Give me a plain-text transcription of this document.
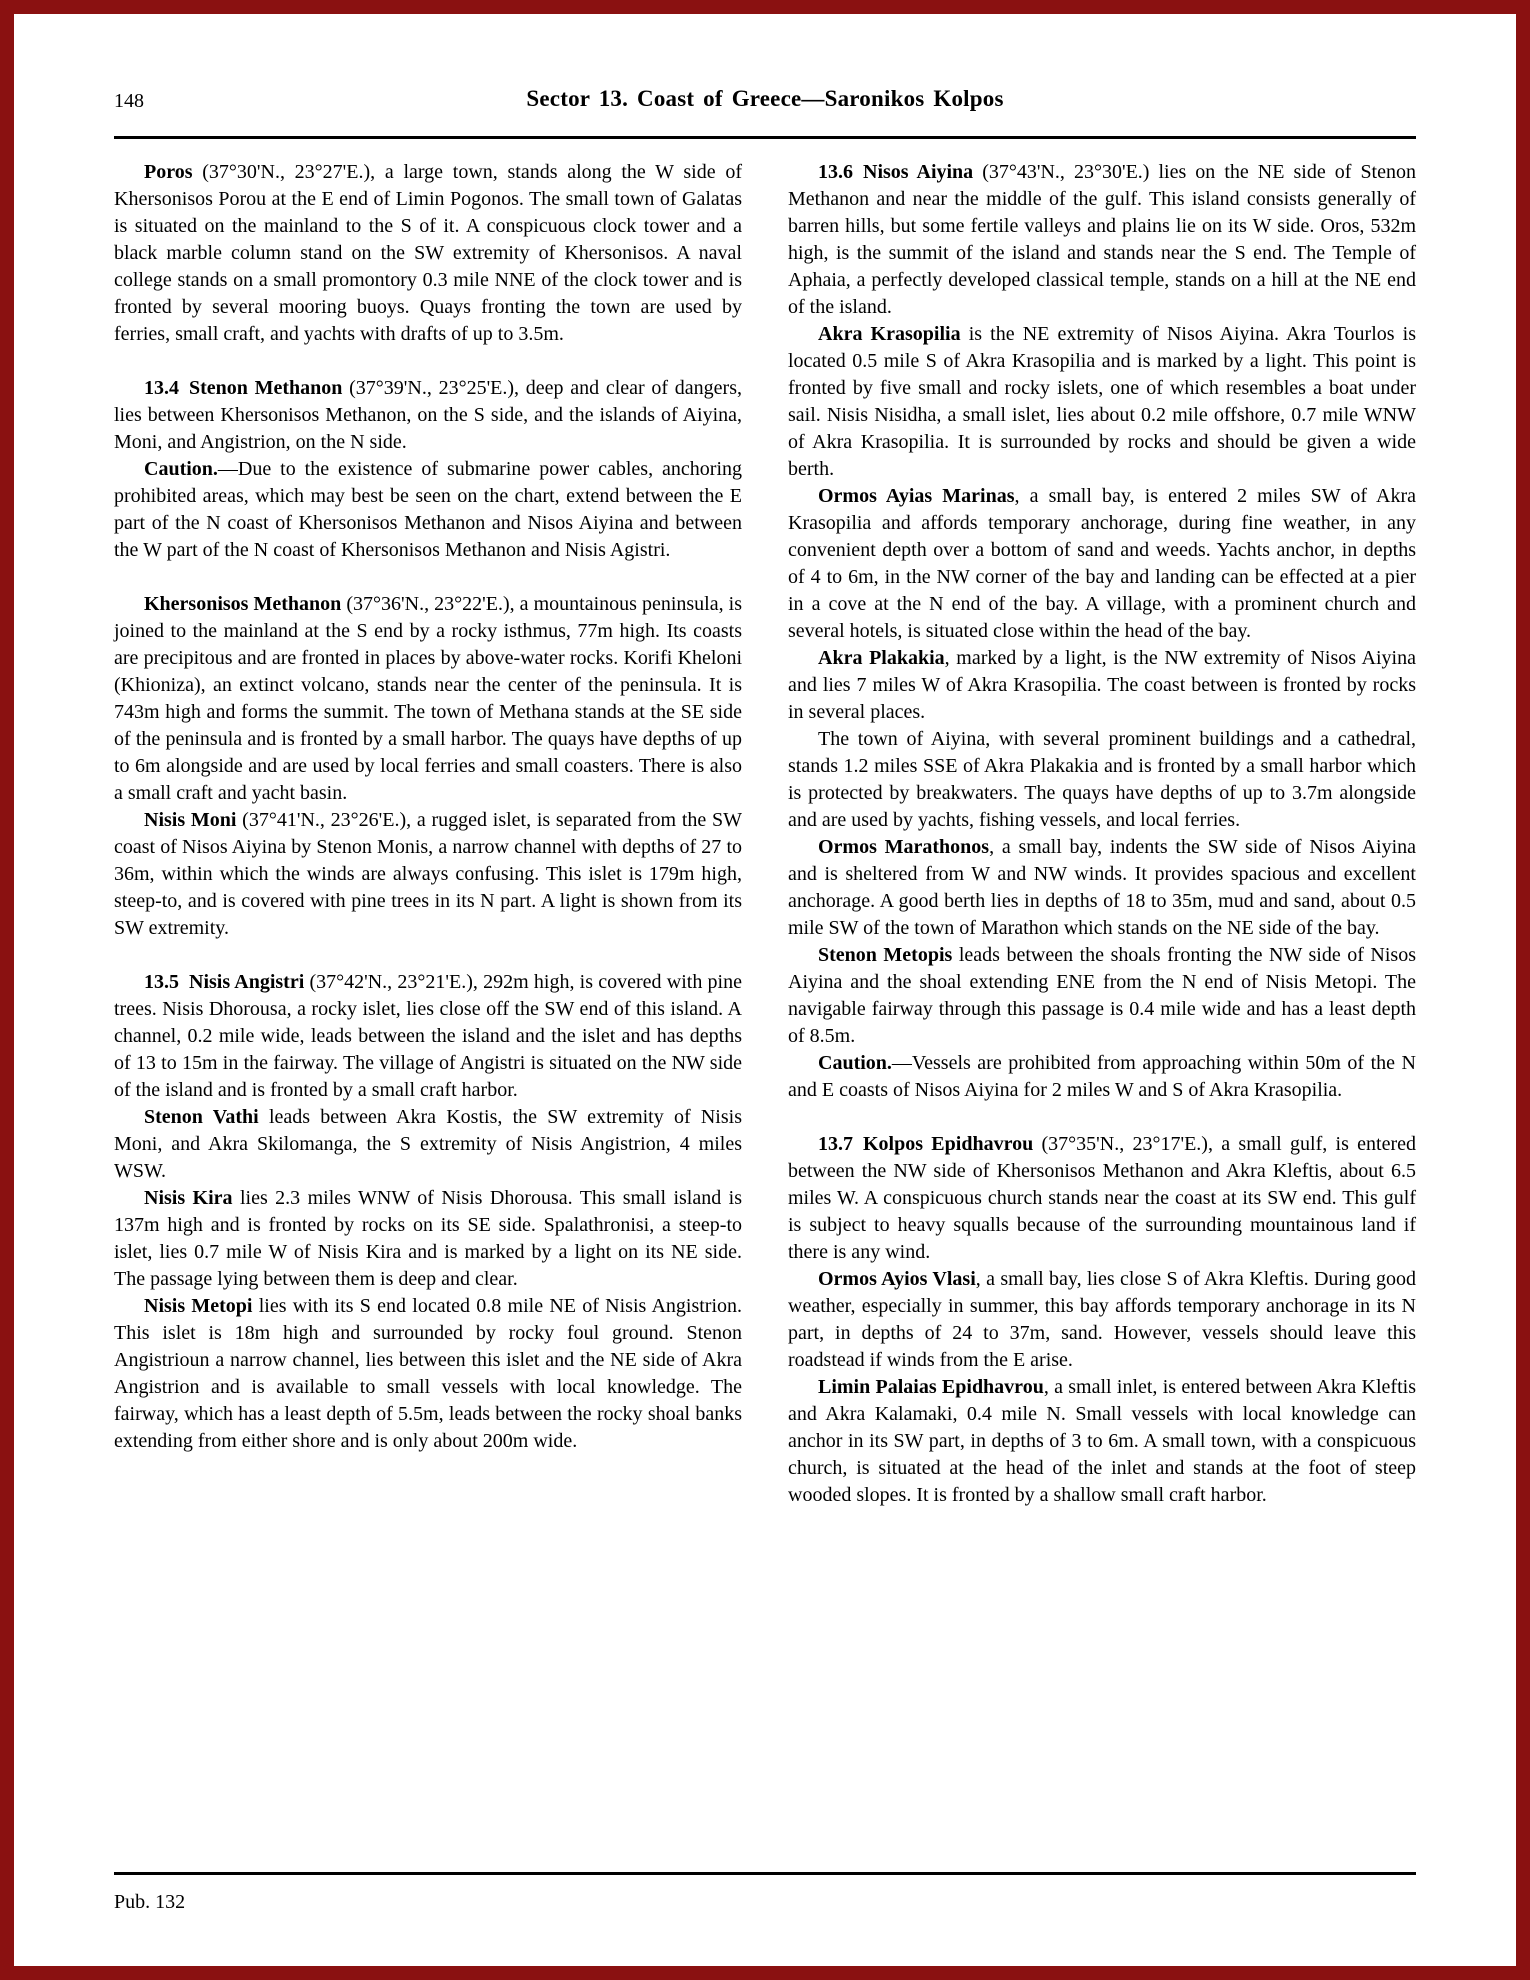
148	Sector 13. Coast of Greece—Saronikos Kolpos

Poros (37°30'N., 23°27'E.), a large town, stands along the W side of Khersonisos Porou at the E end of Limin Pogonos. The small town of Galatas is situated on the mainland to the S of it. A conspicuous clock tower and a black marble column stand on the SW extremity of Khersonisos. A naval college stands on a small promontory 0.3 mile NNE of the clock tower and is fronted by several mooring buoys. Quays fronting the town are used by ferries, small craft, and yachts with drafts of up to 3.5m.

13.4 Stenon Methanon (37°39'N., 23°25'E.), deep and clear of dangers, lies between Khersonisos Methanon, on the S side, and the islands of Aiyina, Moni, and Angistrion, on the N side.

Caution.—Due to the existence of submarine power cables, anchoring prohibited areas, which may best be seen on the chart, extend between the E part of the N coast of Khersonisos Methanon and Nisos Aiyina and between the W part of the N coast of Khersonisos Methanon and Nisis Agistri.

Khersonisos Methanon (37°36'N., 23°22'E.), a mountainous peninsula, is joined to the mainland at the S end by a rocky isthmus, 77m high. Its coasts are precipitous and are fronted in places by above-water rocks. Korifi Kheloni (Khioniza), an extinct volcano, stands near the center of the peninsula. It is 743m high and forms the summit. The town of Methana stands at the SE side of the peninsula and is fronted by a small harbor. The quays have depths of up to 6m alongside and are used by local ferries and small coasters. There is also a small craft and yacht basin.

Nisis Moni (37°41'N., 23°26'E.), a rugged islet, is separated from the SW coast of Nisos Aiyina by Stenon Monis, a narrow channel with depths of 27 to 36m, within which the winds are always confusing. This islet is 179m high, steep-to, and is covered with pine trees in its N part. A light is shown from its SW extremity.

13.5 Nisis Angistri (37°42'N., 23°21'E.), 292m high, is covered with pine trees. Nisis Dhorousa, a rocky islet, lies close off the SW end of this island. A channel, 0.2 mile wide, leads between the island and the islet and has depths of 13 to 15m in the fairway. The village of Angistri is situated on the NW side of the island and is fronted by a small craft harbor.

Stenon Vathi leads between Akra Kostis, the SW extremity of Nisis Moni, and Akra Skilomanga, the S extremity of Nisis Angistrion, 4 miles WSW.

Nisis Kira lies 2.3 miles WNW of Nisis Dhorousa. This small island is 137m high and is fronted by rocks on its SE side. Spalathronisi, a steep-to islet, lies 0.7 mile W of Nisis Kira and is marked by a light on its NE side. The passage lying between them is deep and clear.

Nisis Metopi lies with its S end located 0.8 mile NE of Nisis Angistrion. This islet is 18m high and surrounded by rocky foul ground. Stenon Angistrioun a narrow channel, lies between this islet and the NE side of Akra Angistrion and is available to small vessels with local knowledge. The fairway, which has a least depth of 5.5m, leads between the rocky shoal banks extending from either shore and is only about 200m wide.

13.6 Nisos Aiyina (37°43'N., 23°30'E.) lies on the NE side of Stenon Methanon and near the middle of the gulf. This island consists generally of barren hills, but some fertile valleys and plains lie on its W side. Oros, 532m high, is the summit of the island and stands near the S end. The Temple of Aphaia, a perfectly developed classical temple, stands on a hill at the NE end of the island.

Akra Krasopilia is the NE extremity of Nisos Aiyina. Akra Tourlos is located 0.5 mile S of Akra Krasopilia and is marked by a light. This point is fronted by five small and rocky islets, one of which resembles a boat under sail. Nisis Nisidha, a small islet, lies about 0.2 mile offshore, 0.7 mile WNW of Akra Krasopilia. It is surrounded by rocks and should be given a wide berth.

Ormos Ayias Marinas, a small bay, is entered 2 miles SW of Akra Krasopilia and affords temporary anchorage, during fine weather, in any convenient depth over a bottom of sand and weeds. Yachts anchor, in depths of 4 to 6m, in the NW corner of the bay and landing can be effected at a pier in a cove at the N end of the bay. A village, with a prominent church and several hotels, is situated close within the head of the bay.

Akra Plakakia, marked by a light, is the NW extremity of Nisos Aiyina and lies 7 miles W of Akra Krasopilia. The coast between is fronted by rocks in several places.

The town of Aiyina, with several prominent buildings and a cathedral, stands 1.2 miles SSE of Akra Plakakia and is fronted by a small harbor which is protected by breakwaters. The quays have depths of up to 3.7m alongside and are used by yachts, fishing vessels, and local ferries.

Ormos Marathonos, a small bay, indents the SW side of Nisos Aiyina and is sheltered from W and NW winds. It provides spacious and excellent anchorage. A good berth lies in depths of 18 to 35m, mud and sand, about 0.5 mile SW of the town of Marathon which stands on the NE side of the bay.

Stenon Metopis leads between the shoals fronting the NW side of Nisos Aiyina and the shoal extending ENE from the N end of Nisis Metopi. The navigable fairway through this passage is 0.4 mile wide and has a least depth of 8.5m.

Caution.—Vessels are prohibited from approaching within 50m of the N and E coasts of Nisos Aiyina for 2 miles W and S of Akra Krasopilia.

13.7 Kolpos Epidhavrou (37°35'N., 23°17'E.), a small gulf, is entered between the NW side of Khersonisos Methanon and Akra Kleftis, about 6.5 miles W. A conspicuous church stands near the coast at its SW end. This gulf is subject to heavy squalls because of the surrounding mountainous land if there is any wind.

Ormos Ayios Vlasi, a small bay, lies close S of Akra Kleftis. During good weather, especially in summer, this bay affords temporary anchorage in its N part, in depths of 24 to 37m, sand. However, vessels should leave this roadstead if winds from the E arise.

Limin Palaias Epidhavrou, a small inlet, is entered between Akra Kleftis and Akra Kalamaki, 0.4 mile N. Small vessels with local knowledge can anchor in its SW part, in depths of 3 to 6m. A small town, with a conspicuous church, is situated at the head of the inlet and stands at the foot of steep wooded slopes. It is fronted by a shallow small craft harbor.

Pub. 132
